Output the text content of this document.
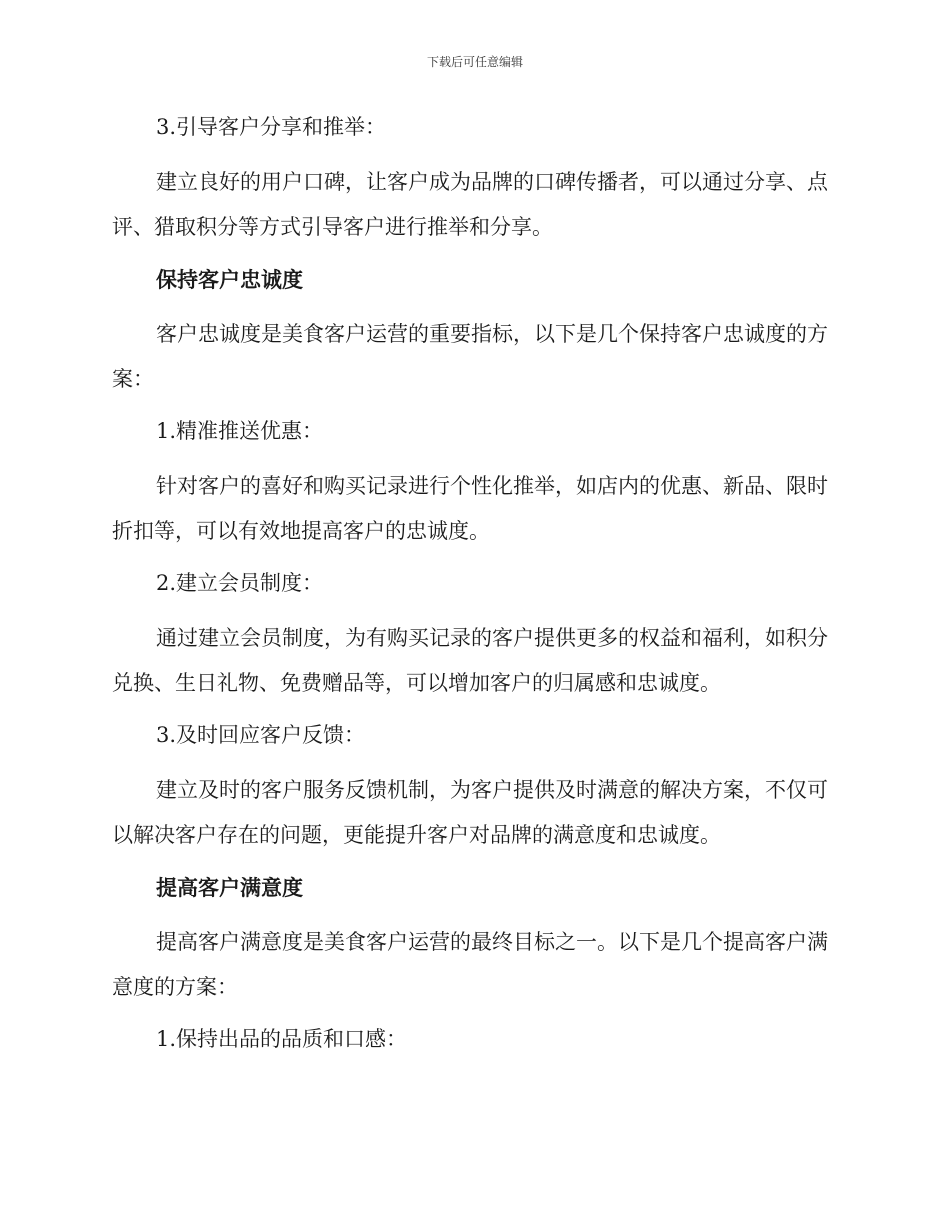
下载后可任意编辑

3.引导客户分享和推举：

建立良好的用户口碑，让客户成为品牌的口碑传播者，可以通过分享、点评、猎取积分等方式引导客户进行推举和分享。

保持客户忠诚度

客户忠诚度是美食客户运营的重要指标，以下是几个保持客户忠诚度的方案：

1.精准推送优惠：

针对客户的喜好和购买记录进行个性化推举，如店内的优惠、新品、限时折扣等，可以有效地提高客户的忠诚度。

2.建立会员制度：

通过建立会员制度，为有购买记录的客户提供更多的权益和福利，如积分兑换、生日礼物、免费赠品等，可以增加客户的归属感和忠诚度。

3.及时回应客户反馈：

建立及时的客户服务反馈机制，为客户提供及时满意的解决方案，不仅可以解决客户存在的问题，更能提升客户对品牌的满意度和忠诚度。

提高客户满意度

提高客户满意度是美食客户运营的最终目标之一。以下是几个提高客户满意度的方案：

1.保持出品的品质和口感：
